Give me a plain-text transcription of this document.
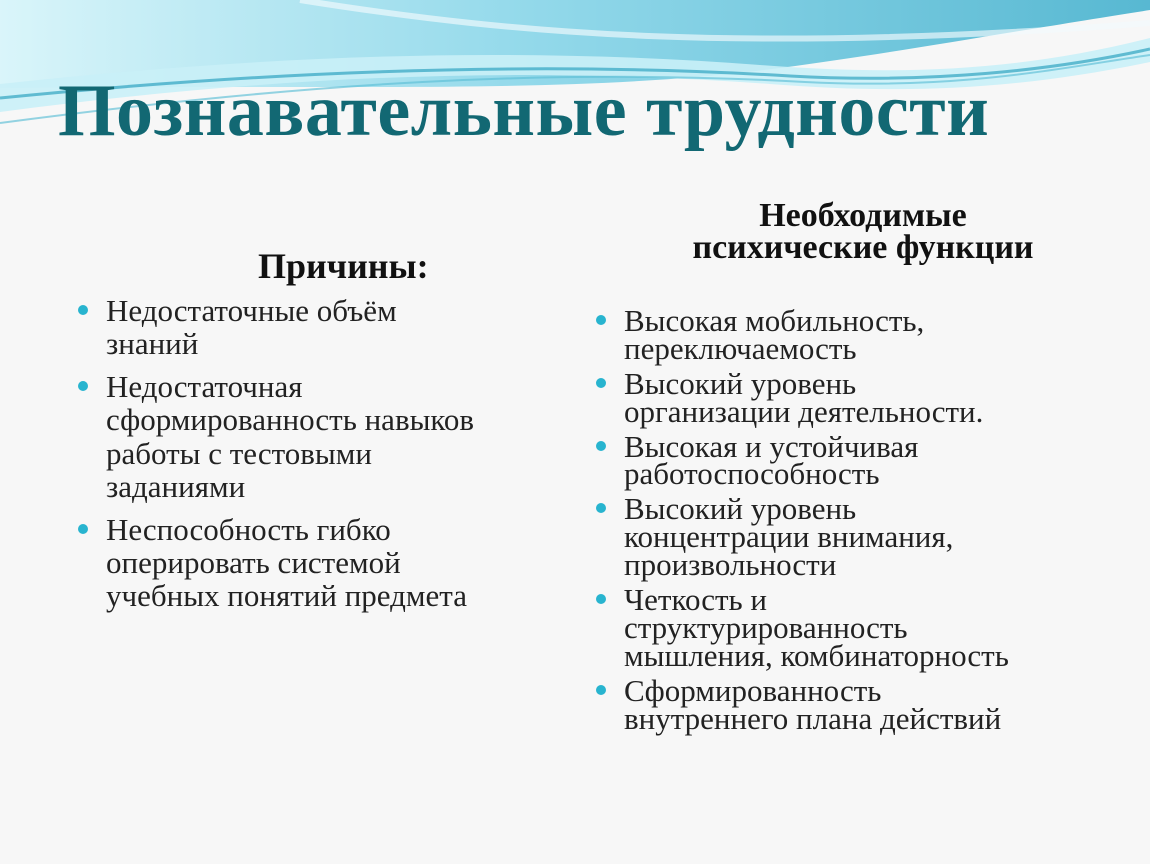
Познавательные трудности
Причины:
Необходимые
психические функции
Недостаточные объём
знаний
Недостаточная
сформированность навыков
работы с тестовыми
заданиями
Неспособность гибко
оперировать системой
учебных понятий предмета
Высокая мобильность,
переключаемость
Высокий уровень
организации деятельности.
Высокая и устойчивая
работоспособность
Высокий уровень
концентрации внимания,
произвольности
Четкость и
структурированность
мышления, комбинаторность
Сформированность
внутреннего плана действий
